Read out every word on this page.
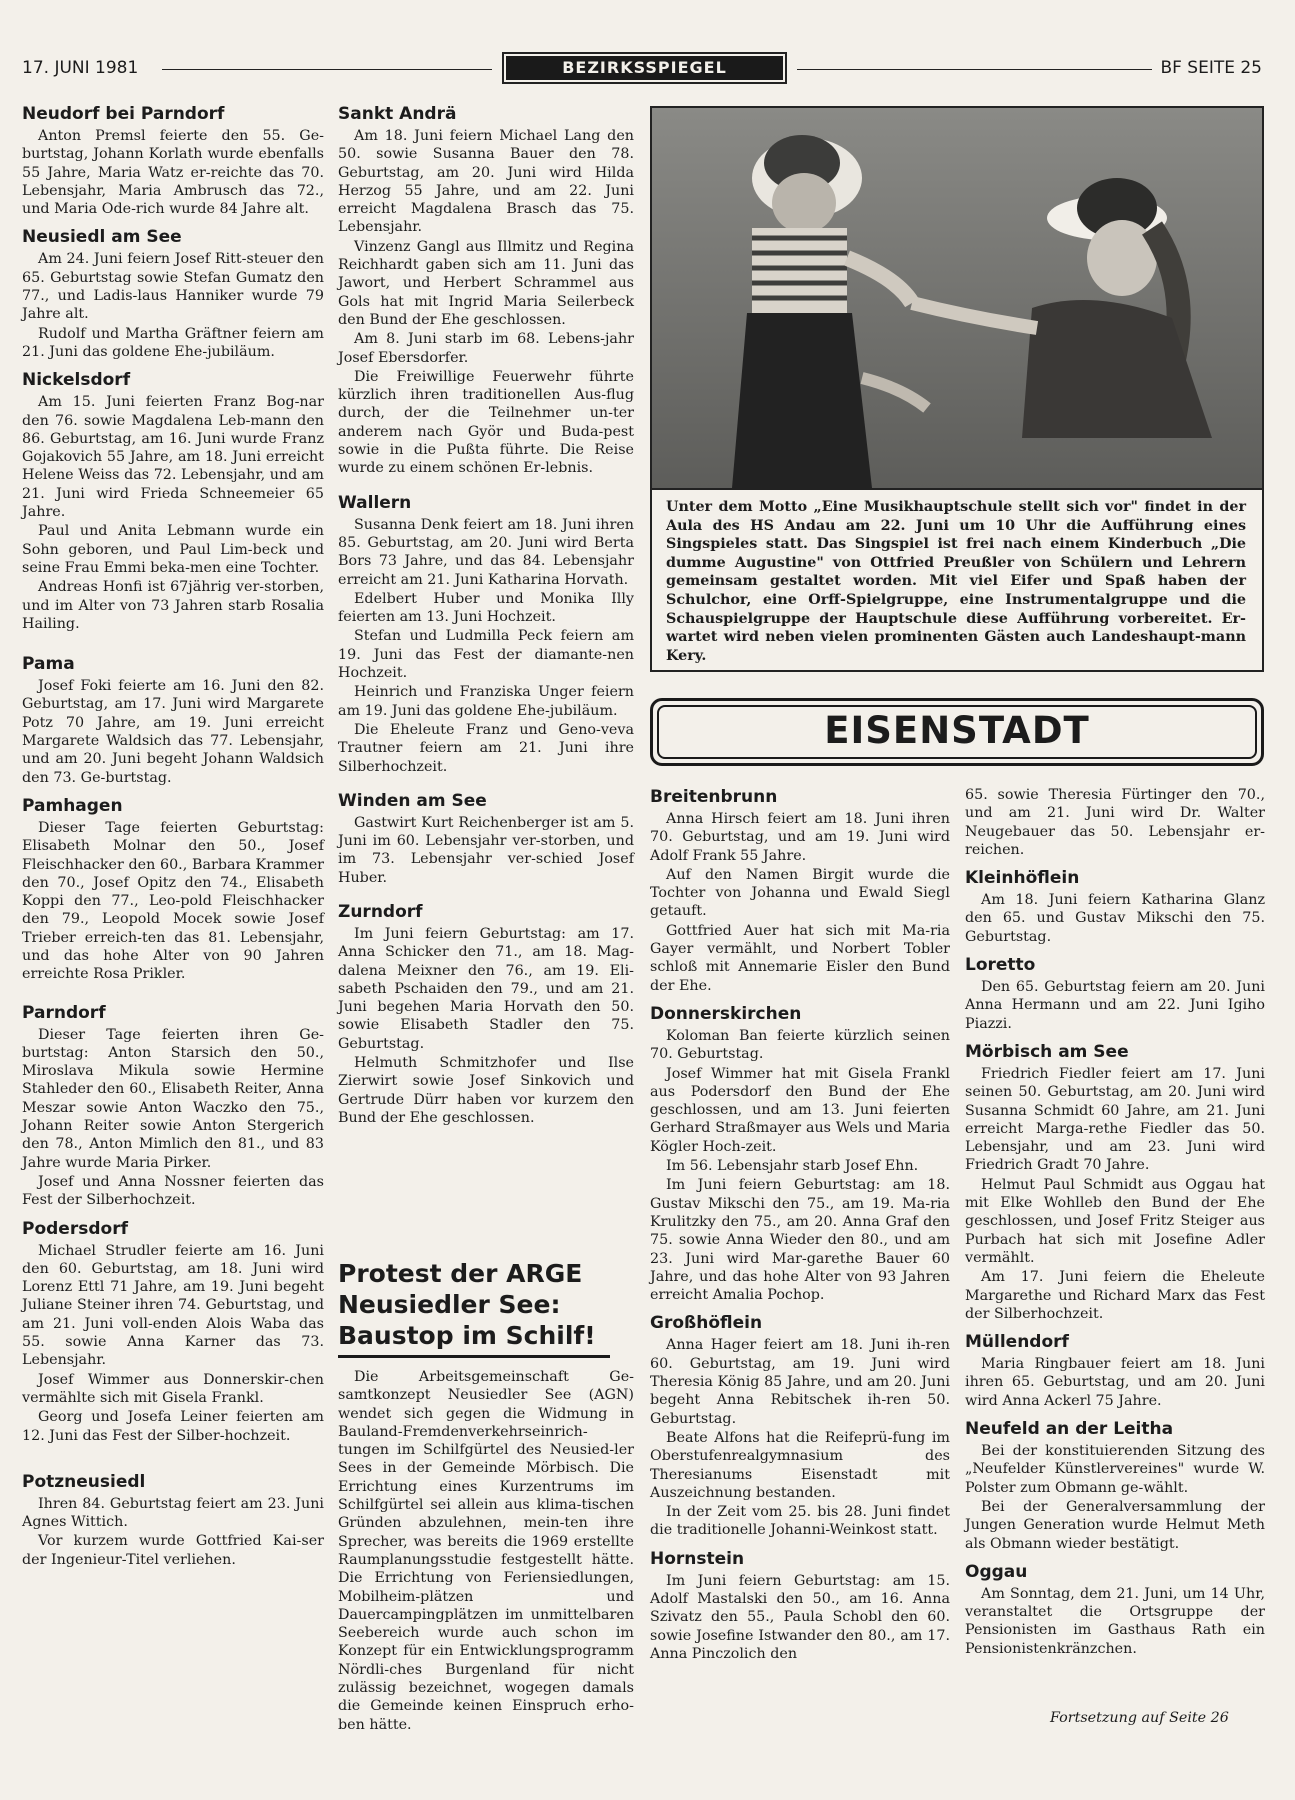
17. JUNI 1981	BEZIRKSSPIEGEL	BF SEITE 25
Neudorf bei Parndorf

Anton Premsl feierte den 55. Ge-burtstag, Johann Korlath wurde ebenfalls 55 Jahre, Maria Watz er-reichte das 70. Lebensjahr, Maria Ambrusch das 72., und Maria Ode-rich wurde 84 Jahre alt.

Neusiedl am See

Am 24. Juni feiern Josef Ritt-steuer den 65. Geburtstag sowie Stefan Gumatz den 77., und Ladis-laus Hanniker wurde 79 Jahre alt.

Rudolf und Martha Gräftner feiern am 21. Juni das goldene Ehe-jubiläum.

Nickelsdorf

Am 15. Juni feierten Franz Bog-nar den 76. sowie Magdalena Leb-mann den 86. Geburtstag, am 16. Juni wurde Franz Gojakovich 55 Jahre, am 18. Juni erreicht Helene Weiss das 72. Lebensjahr, und am 21. Juni wird Frieda Schneemeier 65 Jahre.

Paul und Anita Lebmann wurde ein Sohn geboren, und Paul Lim-beck und seine Frau Emmi beka-men eine Tochter.

Andreas Honfi ist 67jährig ver-storben, und im Alter von 73 Jahren starb Rosalia Hailing.

Pama

Josef Foki feierte am 16. Juni den 82. Geburtstag, am 17. Juni wird Margarete Potz 70 Jahre, am 19. Juni erreicht Margarete Waldsich das 77. Lebensjahr, und am 20. Juni begeht Johann Waldsich den 73. Ge-burtstag.

Pamhagen

Dieser Tage feierten Geburtstag: Elisabeth Molnar den 50., Josef Fleischhacker den 60., Barbara Krammer den 70., Josef Opitz den 74., Elisabeth Koppi den 77., Leo-pold Fleischhacker den 79., Leopold Mocek sowie Josef Trieber erreich-ten das 81. Lebensjahr, und das hohe Alter von 90 Jahren erreichte Rosa Prikler.

Parndorf

Dieser Tage feierten ihren Ge-burtstag: Anton Starsich den 50., Miroslava Mikula sowie Hermine Stahleder den 60., Elisabeth Reiter, Anna Meszar sowie Anton Waczko den 75., Johann Reiter sowie Anton Stergerich den 78., Anton Mimlich den 81., und 83 Jahre wurde Maria Pirker.

Josef und Anna Nossner feierten das Fest der Silberhochzeit.

Podersdorf

Michael Strudler feierte am 16. Juni den 60. Geburtstag, am 18. Juni wird Lorenz Ettl 71 Jahre, am 19. Juni begeht Juliane Steiner ihren 74. Geburtstag, und am 21. Juni voll-enden Alois Waba das 55. sowie Anna Karner das 73. Lebensjahr.

Josef Wimmer aus Donnerskir-chen vermählte sich mit Gisela Frankl.

Georg und Josefa Leiner feierten am 12. Juni das Fest der Silber-hochzeit.

Potzneusiedl

Ihren 84. Geburtstag feiert am 23. Juni Agnes Wittich.

Vor kurzem wurde Gottfried Kai-ser der Ingenieur-Titel verliehen.

Sankt Andrä

Am 18. Juni feiern Michael Lang den 50. sowie Susanna Bauer den 78. Geburtstag, am 20. Juni wird Hilda Herzog 55 Jahre, und am 22. Juni erreicht Magdalena Brasch das 75. Lebensjahr.

Vinzenz Gangl aus Illmitz und Regina Reichhardt gaben sich am 11. Juni das Jawort, und Herbert Schrammel aus Gols hat mit Ingrid Maria Seilerbeck den Bund der Ehe geschlossen.

Am 8. Juni starb im 68. Lebens-jahr Josef Ebersdorfer.

Die Freiwillige Feuerwehr führte kürzlich ihren traditionellen Aus-flug durch, der die Teilnehmer un-ter anderem nach Györ und Buda-pest sowie in die Pußta führte. Die Reise wurde zu einem schönen Er-lebnis.

Wallern

Susanna Denk feiert am 18. Juni ihren 85. Geburtstag, am 20. Juni wird Berta Bors 73 Jahre, und das 84. Lebensjahr erreicht am 21. Juni Katharina Horvath.

Edelbert Huber und Monika Illy feierten am 13. Juni Hochzeit.

Stefan und Ludmilla Peck feiern am 19. Juni das Fest der diamante-nen Hochzeit.

Heinrich und Franziska Unger feiern am 19. Juni das goldene Ehe-jubiläum.

Die Eheleute Franz und Geno-veva Trautner feiern am 21. Juni ihre Silberhochzeit.

Winden am See

Gastwirt Kurt Reichenberger ist am 5. Juni im 60. Lebensjahr ver-storben, und im 73. Lebensjahr ver-schied Josef Huber.

Zurndorf

Im Juni feiern Geburtstag: am 17. Anna Schicker den 71., am 18. Mag-dalena Meixner den 76., am 19. Eli-sabeth Pschaiden den 79., und am 21. Juni begehen Maria Horvath den 50. sowie Elisabeth Stadler den 75. Geburtstag.

Helmuth Schmitzhofer und Ilse Zierwirt sowie Josef Sinkovich und Gertrude Dürr haben vor kurzem den Bund der Ehe geschlossen.

Protest der ARGE
Neusiedler See:
Baustop im Schilf!

Die Arbeitsgemeinschaft Ge-samtkonzept Neusiedler See (AGN) wendet sich gegen die Widmung in Bauland-Fremdenverkehrseinrich-tungen im Schilfgürtel des Neusied-ler Sees in der Gemeinde Mörbisch. Die Errichtung eines Kurzentrums im Schilfgürtel sei allein aus klima-tischen Gründen abzulehnen, mein-ten ihre Sprecher, was bereits die 1969 erstellte Raumplanungsstudie festgestellt hätte. Die Errichtung von Feriensiedlungen, Mobilheim-plätzen und Dauercampingplätzen im unmittelbaren Seebereich wurde auch schon im Konzept für ein Entwicklungsprogramm Nördli-ches Burgenland für nicht zulässig bezeichnet, wogegen damals die Gemeinde keinen Einspruch erho-ben hätte.

Unter dem Motto „Eine Musikhauptschule stellt sich vor" findet in der Aula des HS Andau am 22. Juni um 10 Uhr die Aufführung eines Singspieles statt. Das Singspiel ist frei nach einem Kinderbuch „Die dumme Augustine" von Ottfried Preußler von Schülern und Lehrern gemeinsam gestaltet worden. Mit viel Eifer und Spaß haben der Schulchor, eine Orff-Spielgruppe, eine Instrumentalgruppe und die Schauspielgruppe der Hauptschule diese Aufführung vorbereitet. Er-wartet wird neben vielen prominenten Gästen auch Landeshaupt-mann Kery.

EISENSTADT
Breitenbrunn

Anna Hirsch feiert am 18. Juni ihren 70. Geburtstag, und am 19. Juni wird Adolf Frank 55 Jahre.

Auf den Namen Birgit wurde die Tochter von Johanna und Ewald Siegl getauft.

Gottfried Auer hat sich mit Ma-ria Gayer vermählt, und Norbert Tobler schloß mit Annemarie Eisler den Bund der Ehe.

Donnerskirchen

Koloman Ban feierte kürzlich seinen 70. Geburtstag.

Josef Wimmer hat mit Gisela Frankl aus Podersdorf den Bund der Ehe geschlossen, und am 13. Juni feierten Gerhard Straßmayer aus Wels und Maria Kögler Hoch-zeit.

Im 56. Lebensjahr starb Josef Ehn.

Im Juni feiern Geburtstag: am 18. Gustav Mikschi den 75., am 19. Ma-ria Krulitzky den 75., am 20. Anna Graf den 75. sowie Anna Wieder den 80., und am 23. Juni wird Mar-garethe Bauer 60 Jahre, und das hohe Alter von 93 Jahren erreicht Amalia Pochop.

Großhöflein

Anna Hager feiert am 18. Juni ih-ren 60. Geburtstag, am 19. Juni wird Theresia König 85 Jahre, und am 20. Juni begeht Anna Rebitschek ih-ren 50. Geburtstag.

Beate Alfons hat die Reifeprü-fung im Oberstufenrealgymnasium des Theresianums Eisenstadt mit Auszeichnung bestanden.

In der Zeit vom 25. bis 28. Juni findet die traditionelle Johanni-Weinkost statt.

Hornstein

Im Juni feiern Geburtstag: am 15. Adolf Mastalski den 50., am 16. Anna Szivatz den 55., Paula Schobl den 60. sowie Josefine Istwander den 80., am 17. Anna Pinczolich den

65. sowie Theresia Fürtinger den 70., und am 21. Juni wird Dr. Walter Neugebauer das 50. Lebensjahr er-reichen.

Kleinhöflein

Am 18. Juni feiern Katharina Glanz den 65. und Gustav Mikschi den 75. Geburtstag.

Loretto

Den 65. Geburtstag feiern am 20. Juni Anna Hermann und am 22. Juni Igiho Piazzi.

Mörbisch am See

Friedrich Fiedler feiert am 17. Juni seinen 50. Geburtstag, am 20. Juni wird Susanna Schmidt 60 Jahre, am 21. Juni erreicht Marga-rethe Fiedler das 50. Lebensjahr, und am 23. Juni wird Friedrich Gradt 70 Jahre.

Helmut Paul Schmidt aus Oggau hat mit Elke Wohlleb den Bund der Ehe geschlossen, und Josef Fritz Steiger aus Purbach hat sich mit Josefine Adler vermählt.

Am 17. Juni feiern die Eheleute Margarethe und Richard Marx das Fest der Silberhochzeit.

Müllendorf

Maria Ringbauer feiert am 18. Juni ihren 65. Geburtstag, und am 20. Juni wird Anna Ackerl 75 Jahre.

Neufeld an der Leitha

Bei der konstituierenden Sitzung des „Neufelder Künstlervereines" wurde W. Polster zum Obmann ge-wählt.

Bei der Generalversammlung der Jungen Generation wurde Helmut Meth als Obmann wieder bestätigt.

Oggau

Am Sonntag, dem 21. Juni, um 14 Uhr, veranstaltet die Ortsgruppe der Pensionisten im Gasthaus Rath ein Pensionistenkränzchen.

Fortsetzung auf Seite 26
